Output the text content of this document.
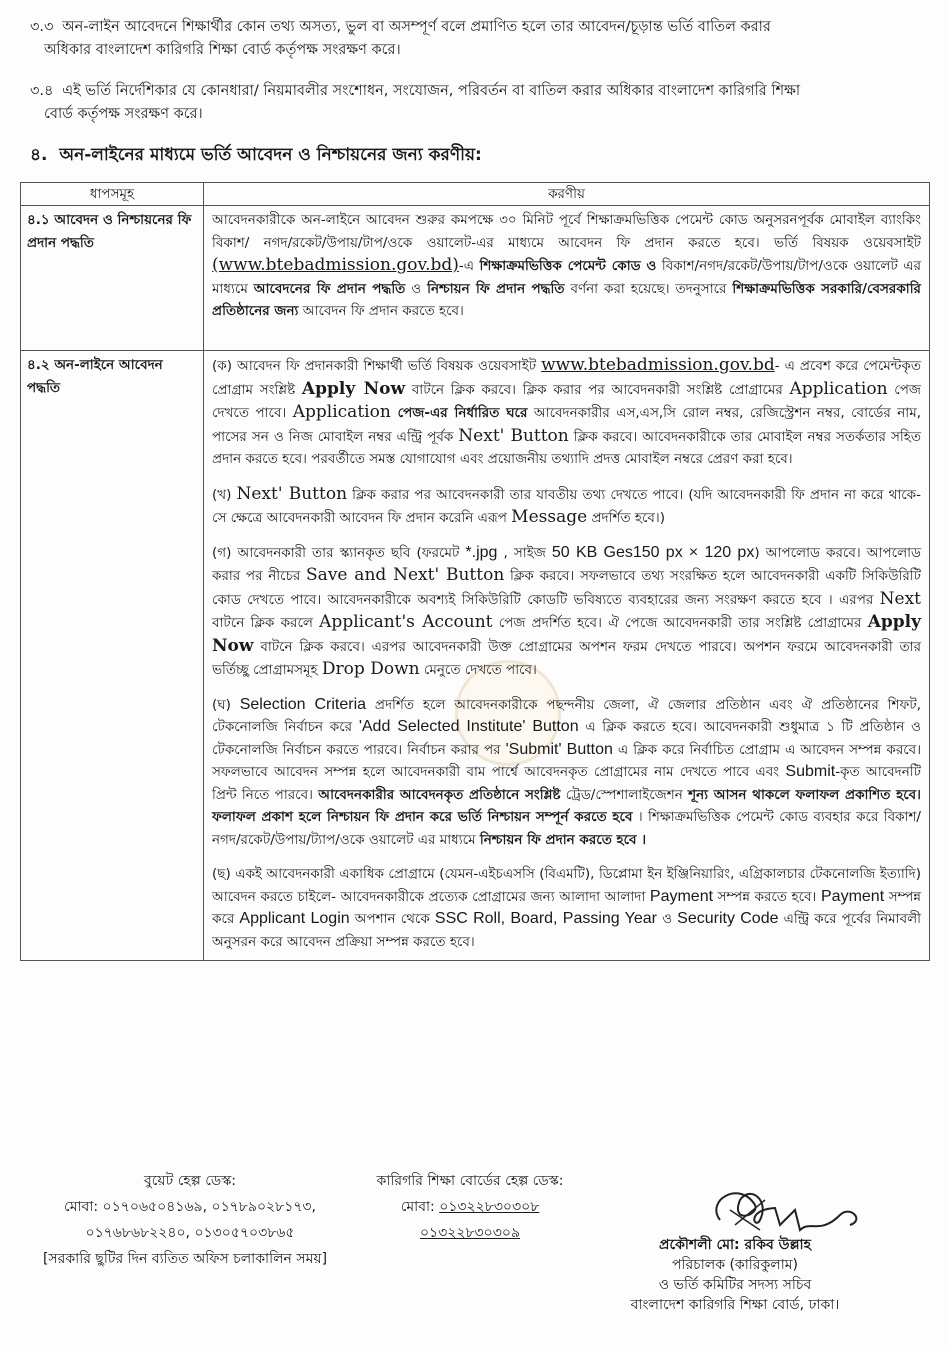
৩.৩ অন-লাইন আবেদনে শিক্ষার্থীর কোন তথ্য অসত্য, ভুল বা অসম্পূর্ণ বলে প্রমাণিত হলে তার আবেদন/চূড়ান্ত ভর্তি বাতিল করার
অধিকার বাংলাদেশ কারিগরি শিক্ষা বোর্ড কর্তৃপক্ষ সংরক্ষণ করে।
৩.৪ এই ভর্তি নির্দেশিকার যে কোনধারা/ নিয়মাবলীর সংশোধন, সংযোজন, পরিবর্তন বা বাতিল করার অধিকার বাংলাদেশ কারিগরি শিক্ষা
বোর্ড কর্তৃপক্ষ সংরক্ষণ করে।
৪. অন-লাইনের মাধ্যমে ভর্তি আবেদন ও নিশ্চায়নের জন্য করণীয়:
ধাপসমূহ	করণীয়
৪.১ আবেদন ও নিশ্চায়নের ফি প্রদান পদ্ধতি	আবেদনকারীকে অন-লাইনে আবেদন শুরুর কমপক্ষে ৩০ মিনিট পূর্বে শিক্ষাক্রমভিত্তিক পেমেন্ট কোড অনুসরনপূর্বক মোবাইল ব্যাংকিং বিকাশ/ নগদ/রকেট/উপায়/টাপ/ওকে ওয়ালেট-এর মাধ্যমে আবেদন ফি প্রদান করতে হবে। ভর্তি বিষয়ক ওয়েবসাইট (www.btebadmission.gov.bd)-এ শিক্ষাক্রমভিত্তিক পেমেন্ট কোড ও বিকাশ/নগদ/রকেট/উপায়/টাপ/ওকে ওয়ালেট এর মাধ্যমে আবেদনের ফি প্রদান পদ্ধতি ও নিশ্চায়ন ফি প্রদান পদ্ধতি বর্ণনা করা হয়েছে। তদনুসারে শিক্ষাক্রমভিত্তিক সরকারি/বেসরকারি প্রতিষ্ঠানের জন্য আবেদন ফি প্রদান করতে হবে।
৪.২ অন-লাইনে আবেদন পদ্ধতি	(ক) আবেদন ফি প্রদানকারী শিক্ষার্থী ভর্তি বিষয়ক ওয়েবসাইট www.btebadmission.gov.bd- এ প্রবেশ করে পেমেন্টকৃত প্রোগ্রাম সংশ্লিষ্ট Apply Now বাটনে ক্লিক করবে। ক্লিক করার পর আবেদনকারী সংশ্লিষ্ট প্রোগ্রামের Application পেজ দেখতে পাবে। Application পেজ-এর নির্ধারিত ঘরে আবেদনকারীর এস,এস,সি রোল নম্বর, রেজিস্ট্রেশন নম্বর, বোর্ডের নাম, পাসের সন ও নিজ মোবাইল নম্বর এন্ট্রি পূর্বক Next' Button ক্লিক করবে। আবেদনকারীকে তার মোবাইল নম্বর সতর্কতার সহিত প্রদান করতে হবে। পরবর্তীতে সমস্ত যোগাযোগ এবং প্রয়োজনীয় তথ্যাদি প্রদত্ত মোবাইল নম্বরে প্রেরণ করা হবে।
(খ) Next' Button ক্লিক করার পর আবেদনকারী তার যাবতীয় তথ্য দেখতে পাবে। (যদি আবেদনকারী ফি প্রদান না করে থাকে- সে ক্ষেত্রে আবেদনকারী আবেদন ফি প্রদান করেনি এরূপ Message প্রদর্শিত হবে।)
(গ) আবেদনকারী তার স্ক্যানকৃত ছবি (ফরমেট *.jpg , সাইজ 50 KB Ges150 px × 120 px) আপলোড করবে। আপলোড করার পর নীচের Save and Next' Button ক্লিক করবে। সফলভাবে তথ্য সংরক্ষিত হলে আবেদনকারী একটি সিকিউরিটি কোড দেখতে পাবে। আবেদনকারীকে অবশ্যই সিকিউরিটি কোডটি ভবিষ্যতে ব্যবহারের জন্য সংরক্ষণ করতে হবে । এরপর Next বাটনে ক্লিক করলে Applicant's Account পেজ প্রদর্শিত হবে। ঐ পেজে আবেদনকারী তার সংশ্লিষ্ট প্রোগ্রামের Apply Now বাটনে ক্লিক করবে। এরপর আবেদনকারী উক্ত প্রোগ্রামের অপশন ফরম দেখতে পারবে। অপশন ফরমে আবেদনকারী তার ভর্তিচ্ছু প্রোগ্রামসমূহ Drop Down মেনুতে দেখতে পাবে।
(ঘ) Selection Criteria প্রদর্শিত হলে আবেদনকারীকে পছন্দনীয় জেলা, ঐ জেলার প্রতিষ্ঠান এবং ঐ প্রতিষ্ঠানের শিফট, টেকনোলজি নির্বাচন করে 'Add Selected Institute' Button এ ক্লিক করতে হবে। আবেদনকারী শুধুমাত্র ১ টি প্রতিষ্ঠান ও টেকনোলজি নির্বাচন করতে পারবে। নির্বাচন করার পর 'Submit' Button এ ক্লিক করে নির্বাচিত প্রোগ্রাম এ আবেদন সম্পন্ন করবে। সফলভাবে আবেদন সম্পন্ন হলে আবেদনকারী বাম পার্শ্বে আবেদনকৃত প্রোগ্রামের নাম দেখতে পাবে এবং Submit-কৃত আবেদনটি প্রিন্ট নিতে পারবে। আবেদনকারীর আবেদনকৃত প্রতিষ্ঠানে সংশ্লিষ্ট ট্রেড/স্পেশালাইজেশন শূন্য আসন থাকলে ফলাফল প্রকাশিত হবে। ফলাফল প্রকাশ হলে নিশ্চায়ন ফি প্রদান করে ভর্তি নিশ্চায়ন সম্পূর্ন করতে হবে । শিক্ষাক্রমভিত্তিক পেমেন্ট কোড ব্যবহার করে বিকাশ/নগদ/রকেট/উপায়/ট্যাপ/ওকে ওয়ালেট এর মাধ্যমে নিশ্চায়ন ফি প্রদান করতে হবে ।
(ছ) একই আবেদনকারী একাধিক প্রোগ্রামে (যেমন-এইচএসসি (বিএমটি), ডিপ্লোমা ইন ইঞ্জিনিয়ারিং, এগ্রিকালচার টেকনোলজি ইত্যাদি) আবেদন করতে চাইলে- আবেদনকারীকে প্রত্যেক প্রোগ্রামের জন্য আলাদা আলাদা Payment সম্পন্ন করতে হবে। Payment সম্পন্ন করে Applicant Login অপশান থেকে SSC Roll, Board, Passing Year ও Security Code এন্ট্রি করে পূর্বের নিমাবলী অনুসরন করে আবেদন প্রক্রিয়া সম্পন্ন করতে হবে।
বুয়েট হেল্প ডেস্ক:
মোবা: ০১৭০৬৫০৪১৬৯, ০১৭৮৯০২৮১৭৩,
০১৭৬৮৬৮২২৪০, ০১৩০৫৭০৩৮৬৫
[সরকারি ছুটির দিন ব্যতিত অফিস চলাকালিন সময়]
কারিগরি শিক্ষা বোর্ডের হেল্প ডেস্ক:
মোবা: ০১৩২২৮৩০৩০৮
০১৩২২৮৩০৩০৯
প্রকৌশলী মো: রকিব উল্লাহ
পরিচালক (কারিকুলাম)
ও ভর্তি কমিটির সদস্য সচিব
বাংলাদেশ কারিগরি শিক্ষা বোর্ড, ঢাকা।
